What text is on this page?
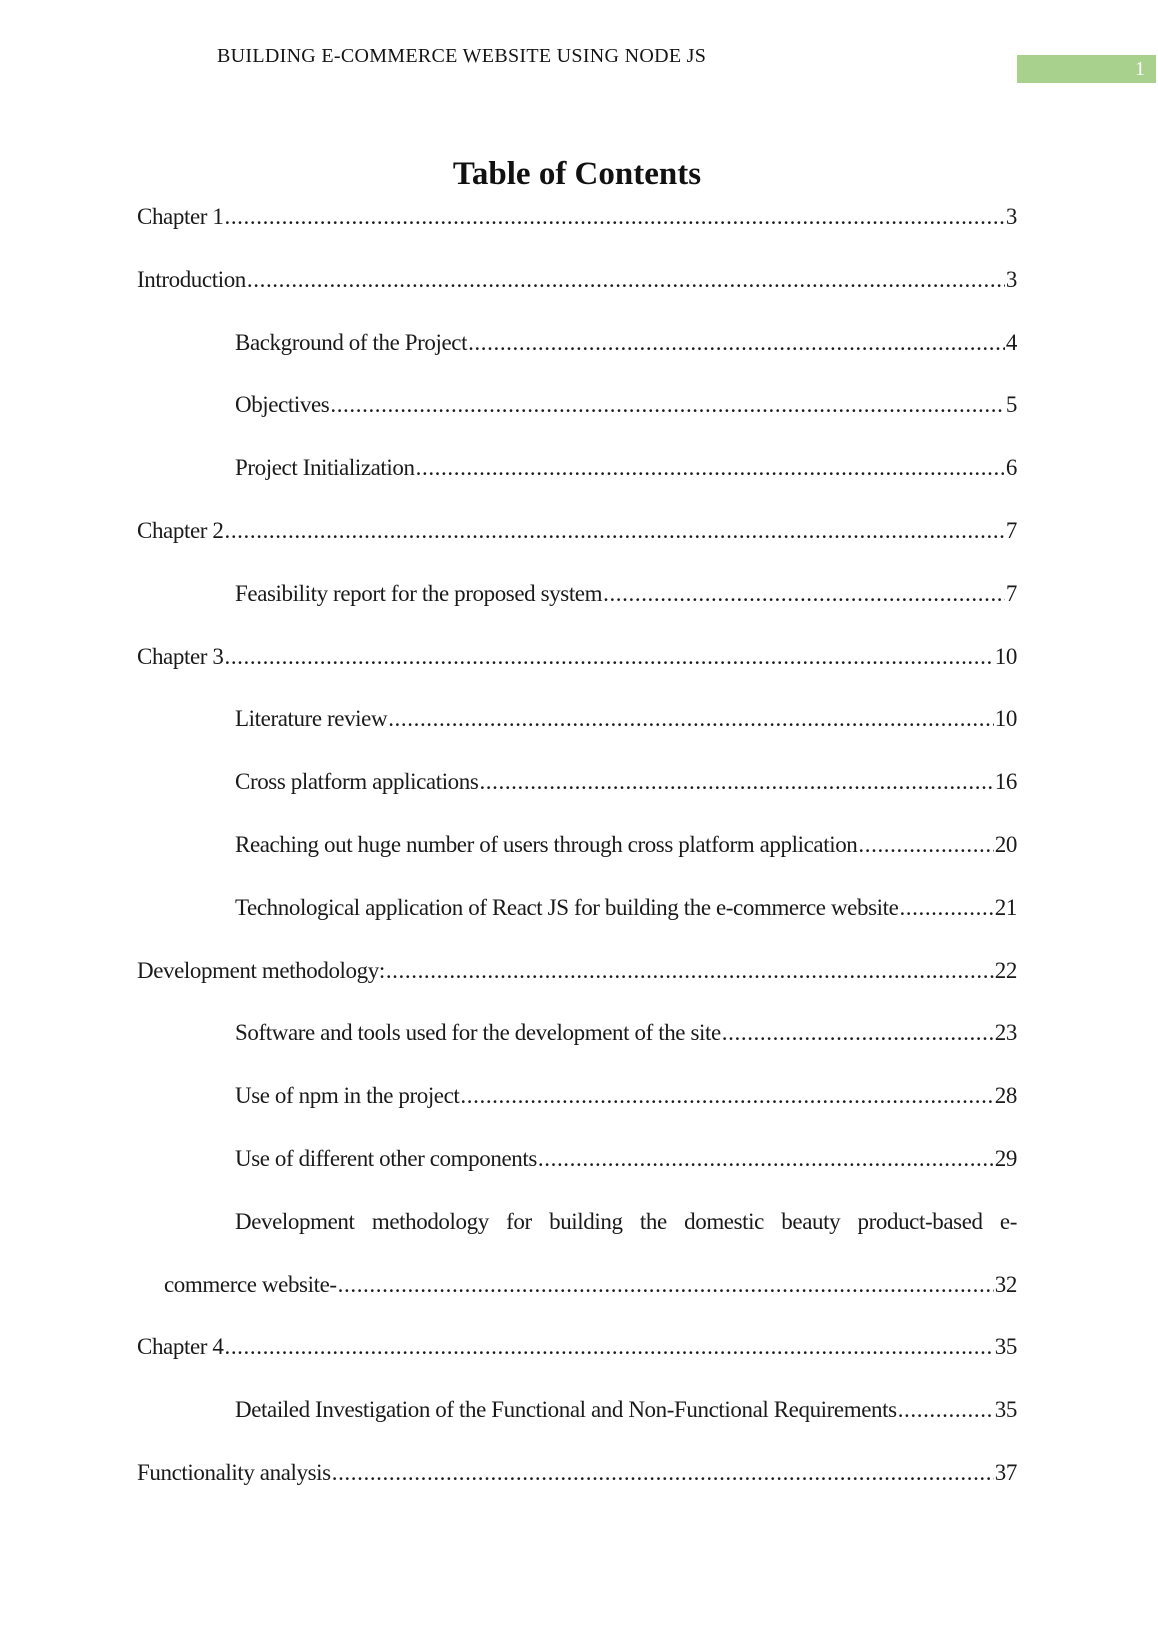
BUILDING E-COMMERCE WEBSITE USING NODE JS
1
Table of Contents
Chapter 1 .....	3
Introduction .....	3
Background of the Project .....	4
Objectives .....	5
Project Initialization .....	6
Chapter 2 .....	7
Feasibility report for the proposed system .....	7
Chapter 3 .....	10
Literature review .....	10
Cross platform applications .....	16
Reaching out huge number of users through cross platform application .....	20
Technological application of React JS for building the e-commerce website .....	21
Development methodology: .....	22
Software and tools used for the development of the site .....	23
Use of npm in the project .....	28
Use of different other components .....	29
Development methodology for building the domestic beauty product-based e-
commerce website- .....	32
Chapter 4 .....	35
Detailed Investigation of the Functional and Non-Functional Requirements .....	35
Functionality analysis .....	37
